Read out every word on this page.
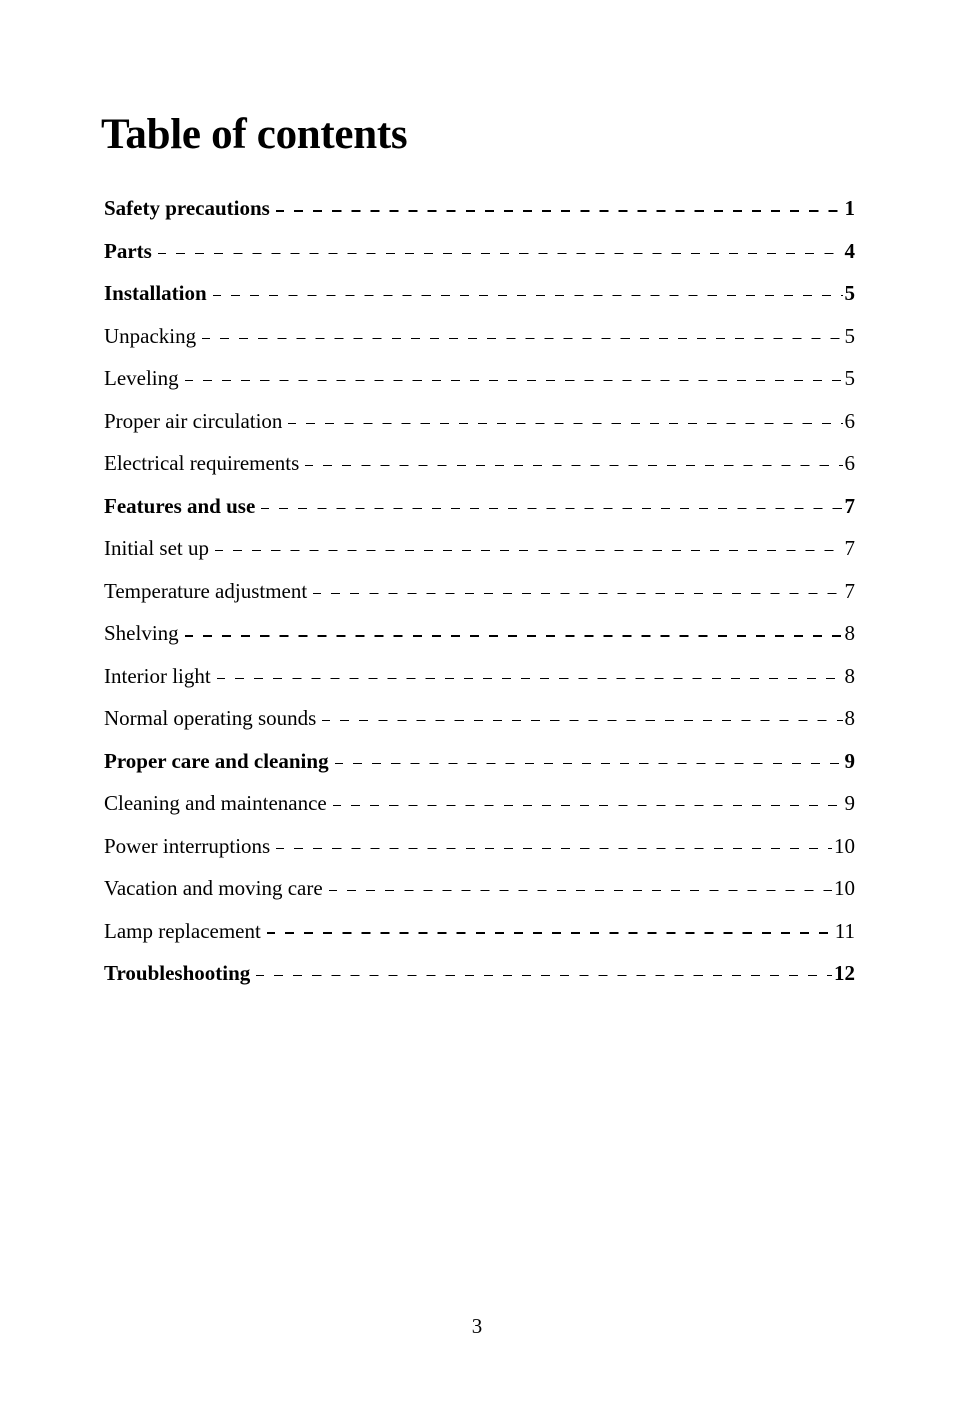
Table of contents
Safety precautions	1
Parts	4
Installation	5
Unpacking	5
Leveling	5
Proper air circulation	6
Electrical requirements	6
Features and use	7
Initial set up	7
Temperature adjustment	7
Shelving	8
Interior light	8
Normal operating sounds	8
Proper care and cleaning	9
Cleaning and maintenance	9
Power interruptions	10
Vacation and moving care	10
Lamp replacement	11
Troubleshooting	12
3
